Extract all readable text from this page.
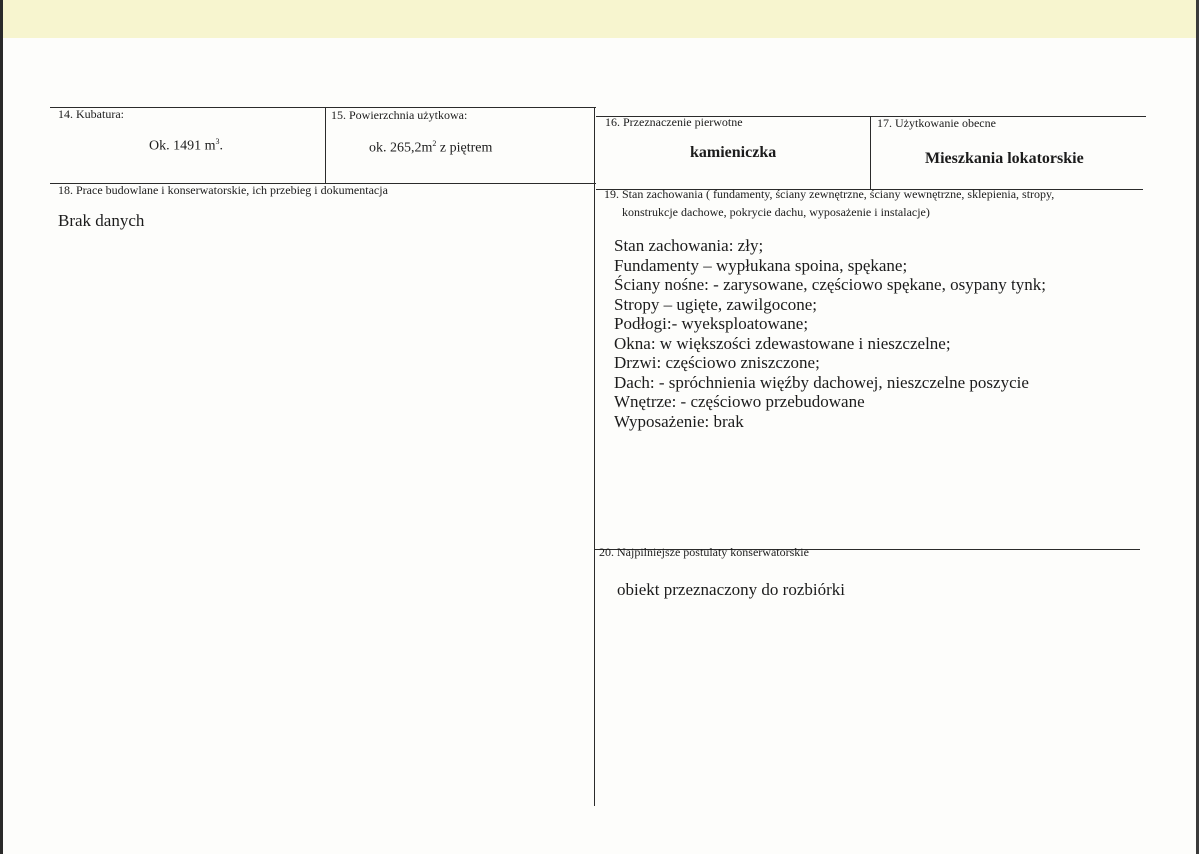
14. Kubatura:
Ok. 1491 $m^3$.
15. Powierzchnia użytkowa:
ok. $265,2m^2$ z piętrem
16. Przeznaczenie pierwotne
kamieniczka
17. Użytkowanie obecne
Mieszkania lokatorskie
18. Prace budowlane i konserwatorskie, ich przebieg i dokumentacja
Brak danych
19. Stan zachowania ( fundamenty, ściany zewnętrzne, ściany wewnętrzne, sklepienia, stropy,
konstrukcje dachowe, pokrycie dachu, wyposażenie i instalacje)
Stan zachowania: zły;
Fundamenty – wypłukana spoina, spękane;
Ściany nośne: - zarysowane, częściowo spękane, osypany tynk;
Stropy – ugięte, zawilgocone;
Podłogi:- wyeksploatowane;
Okna: w większości zdewastowane i nieszczelne;
Drzwi: częściowo zniszczone;
Dach: - spróchnienia więźby dachowej, nieszczelne poszycie
Wnętrze: - częściowo przebudowane
Wyposażenie: brak
20. Najpilniejsze postulaty konserwatorskie
obiekt przeznaczony do rozbiórki
